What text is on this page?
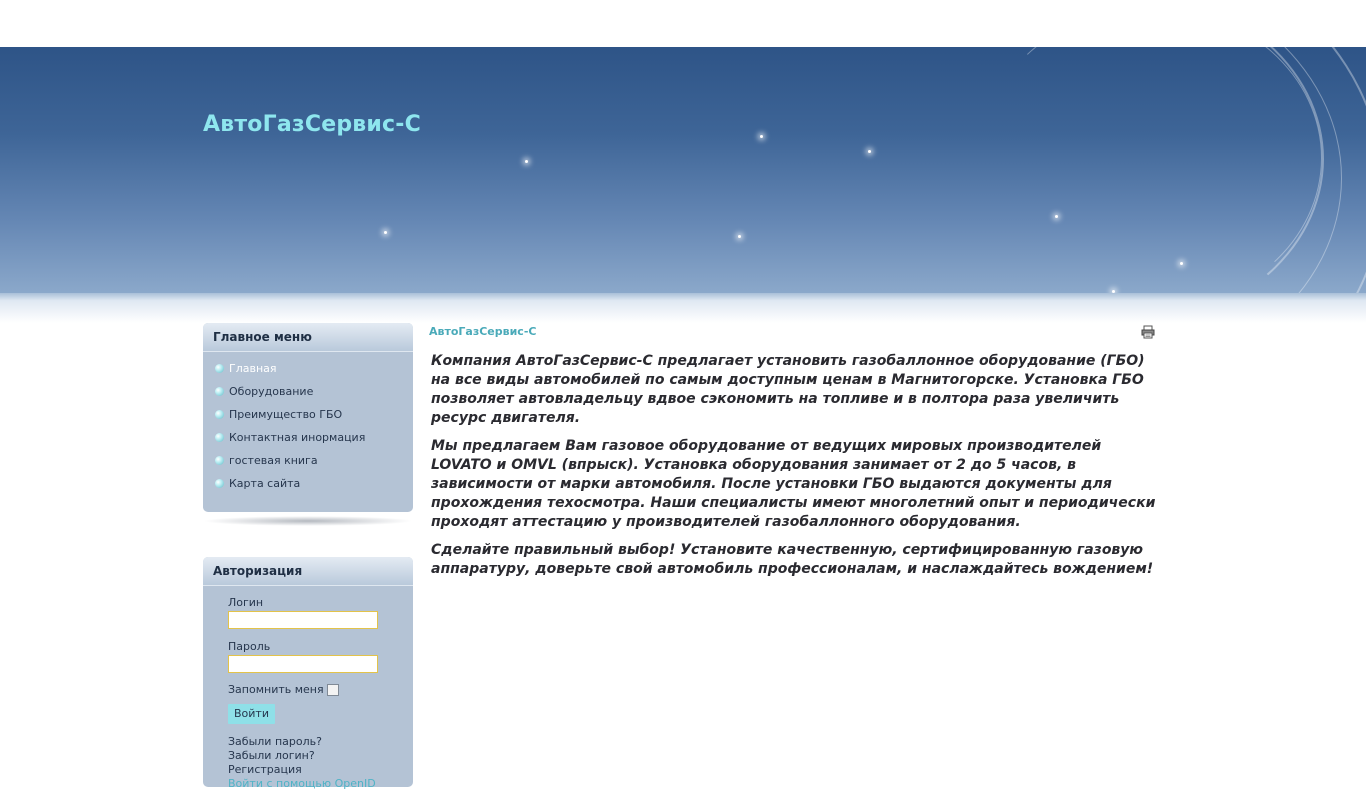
АвтоГазСервис-С
Главное меню
Главная
Оборудование
Преимущество ГБО
Контактная инормация
гостевая книга
Карта сайта
Авторизация
Логин
Пароль
Запомнить меня
Войти
Забыли пароль?
Забыли логин?
Регистрация
Войти с помощью OpenID
АвтоГазСервис-С

Компания АвтоГазСервис-С предлагает установить газобаллонное оборудование (ГБО) на все виды автомобилей по самым доступным ценам в Магнитогорске. Установка ГБО позволяет автовладельцу вдвое сэкономить на топливе и в полтора раза увеличить ресурс двигателя.

Мы предлагаем Вам газовое оборудование от ведущих мировых производителей LOVATO и OMVL (впрыск). Установка оборудования занимает от 2 до 5 часов, в зависимости от марки автомобиля. После установки ГБО выдаются документы для прохождения техосмотра. Наши специалисты имеют многолетний опыт и периодически проходят аттестацию у производителей газобаллонного оборудования.

Сделайте правильный выбор! Установите качественную, сертифицированную газовую аппаратуру, доверьте свой автомобиль профессионалам, и наслаждайтесь вождением!
